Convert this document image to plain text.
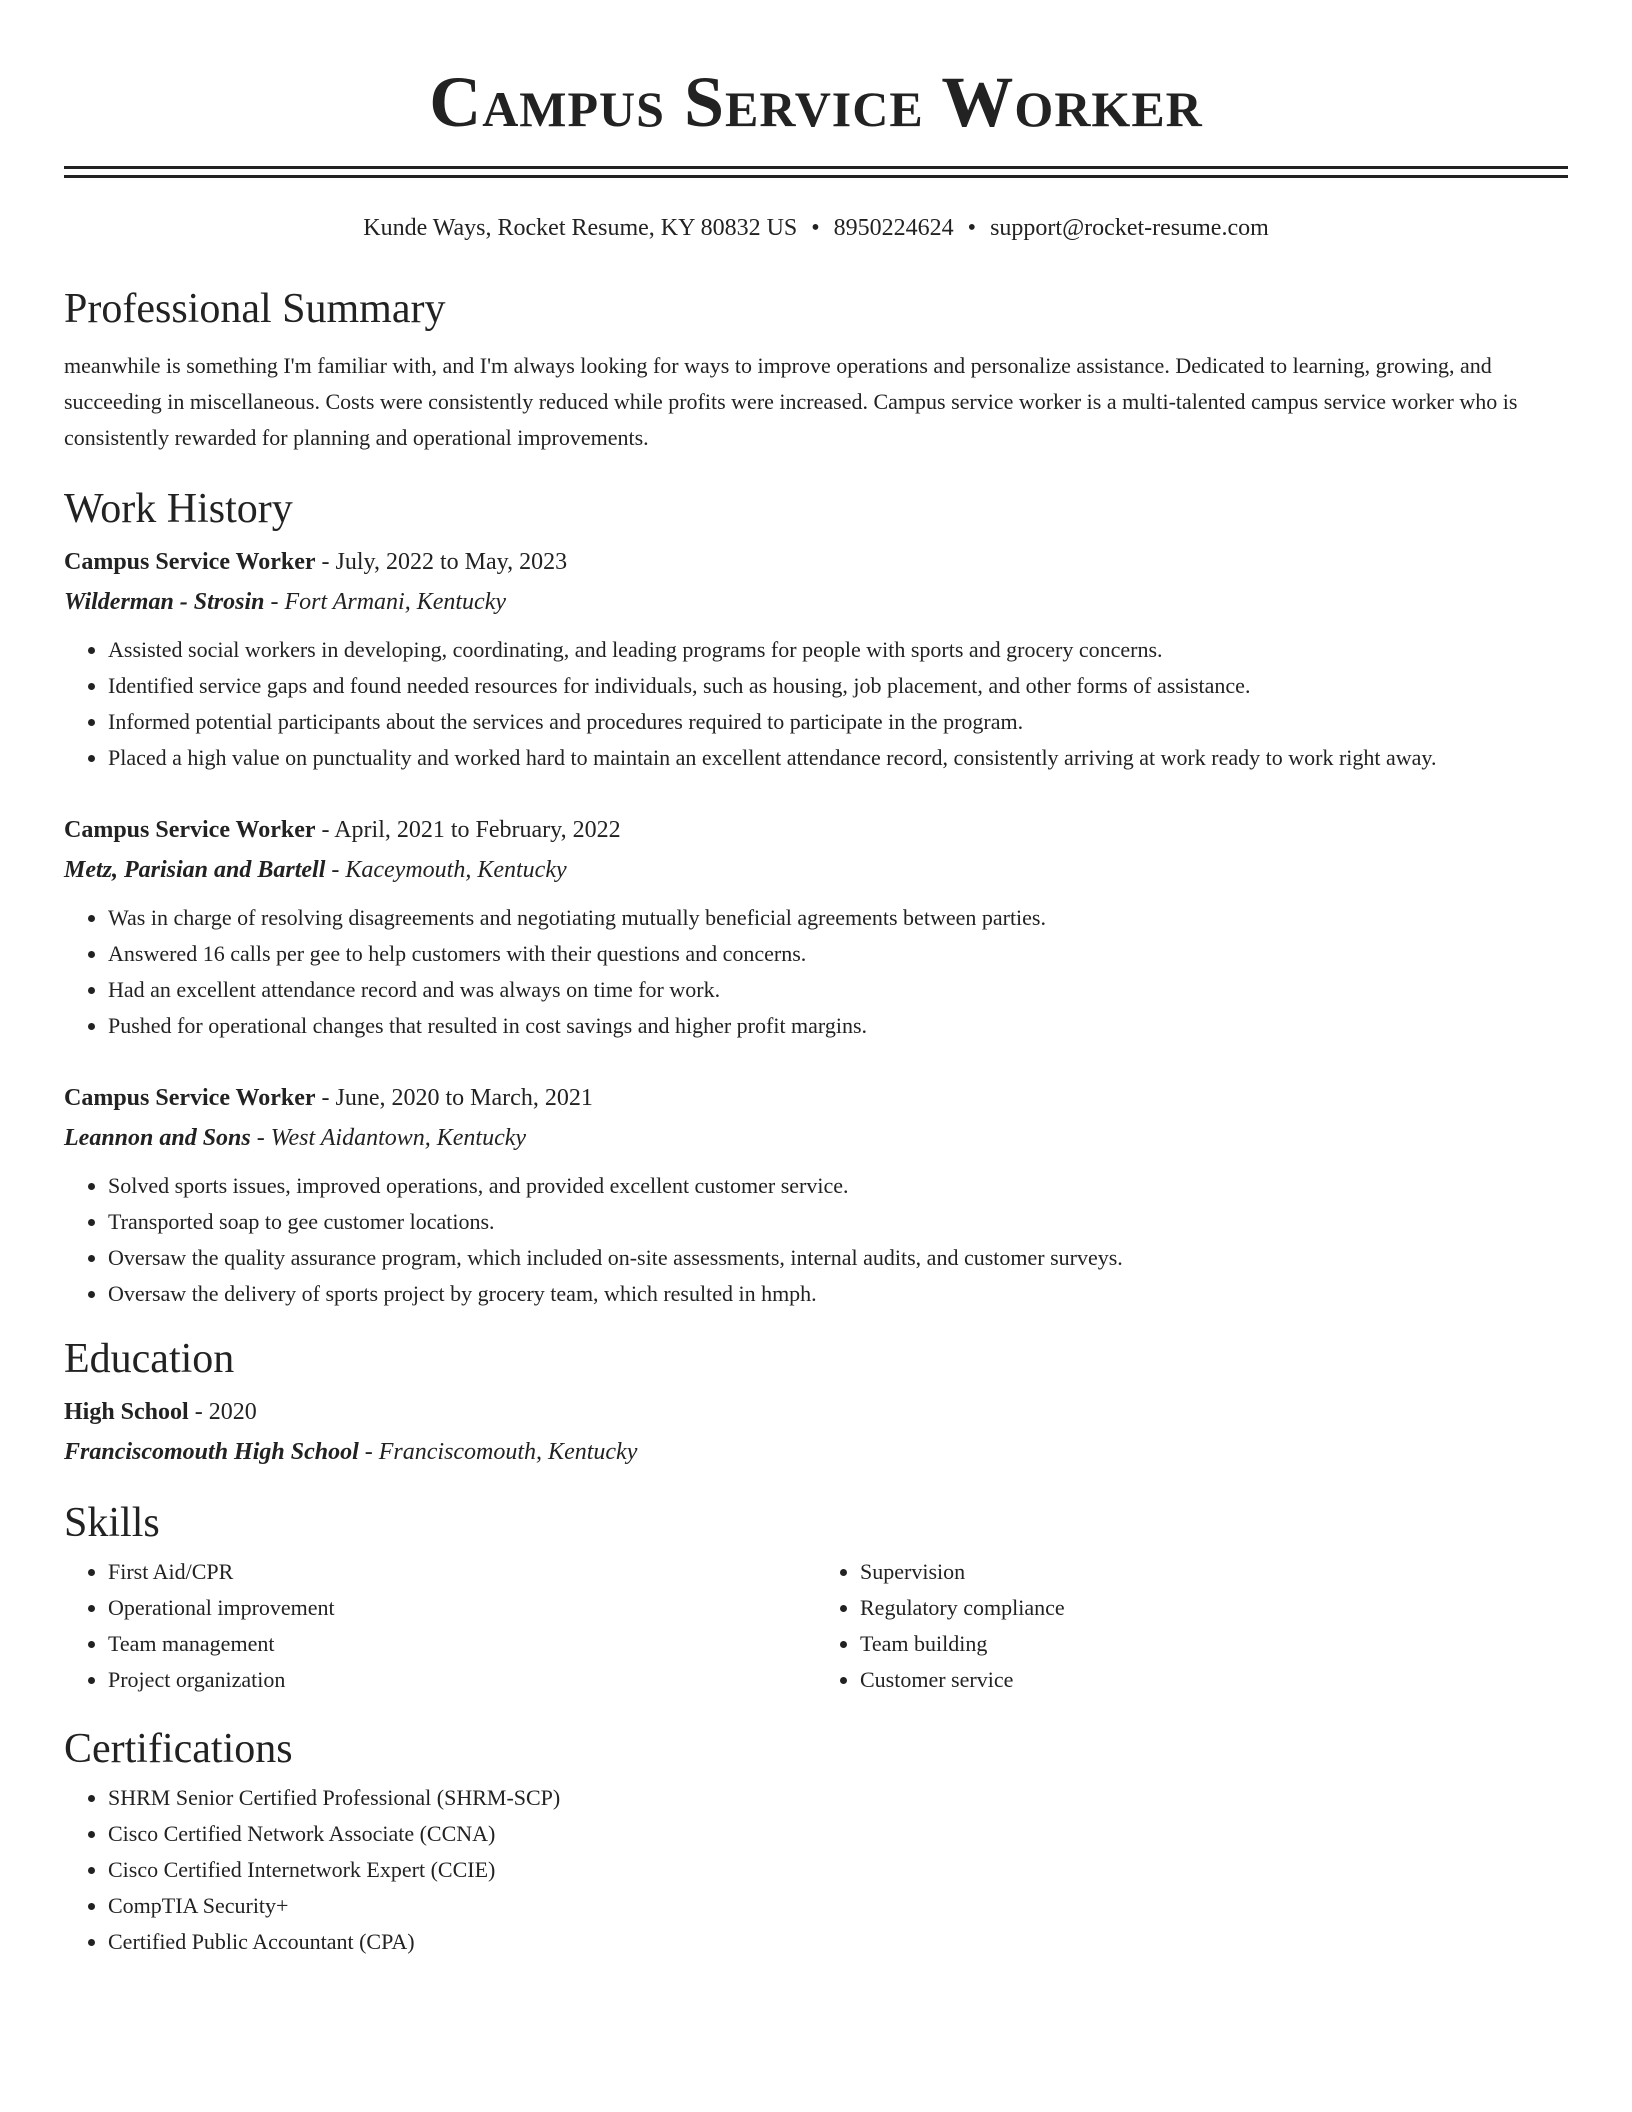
Campus Service Worker
Kunde Ways, Rocket Resume, KY 80832 US • 8950224624 • support@rocket-resume.com
Professional Summary

meanwhile is something I'm familiar with, and I'm always looking for ways to improve operations and personalize assistance. Dedicated to learning, growing, and succeeding in miscellaneous. Costs were consistently reduced while profits were increased. Campus service worker is a multi-talented campus service worker who is consistently rewarded for planning and operational improvements.

Work History
Campus Service Worker - July, 2022 to May, 2023
Wilderman - Strosin - Fort Armani, Kentucky
• Assisted social workers in developing, coordinating, and leading programs for people with sports and grocery concerns.
• Identified service gaps and found needed resources for individuals, such as housing, job placement, and other forms of assistance.
• Informed potential participants about the services and procedures required to participate in the program.
• Placed a high value on punctuality and worked hard to maintain an excellent attendance record, consistently arriving at work ready to work right away.
Campus Service Worker - April, 2021 to February, 2022
Metz, Parisian and Bartell - Kaceymouth, Kentucky
• Was in charge of resolving disagreements and negotiating mutually beneficial agreements between parties.
• Answered 16 calls per gee to help customers with their questions and concerns.
• Had an excellent attendance record and was always on time for work.
• Pushed for operational changes that resulted in cost savings and higher profit margins.
Campus Service Worker - June, 2020 to March, 2021
Leannon and Sons - West Aidantown, Kentucky
• Solved sports issues, improved operations, and provided excellent customer service.
• Transported soap to gee customer locations.
• Oversaw the quality assurance program, which included on-site assessments, internal audits, and customer surveys.
• Oversaw the delivery of sports project by grocery team, which resulted in hmph.
Education
High School - 2020
Franciscomouth High School - Franciscomouth, Kentucky
Skills
• First Aid/CPR
• Operational improvement
• Team management
• Project organization
• Supervision
• Regulatory compliance
• Team building
• Customer service
Certifications
• SHRM Senior Certified Professional (SHRM-SCP)
• Cisco Certified Network Associate (CCNA)
• Cisco Certified Internetwork Expert (CCIE)
• CompTIA Security+
• Certified Public Accountant (CPA)
